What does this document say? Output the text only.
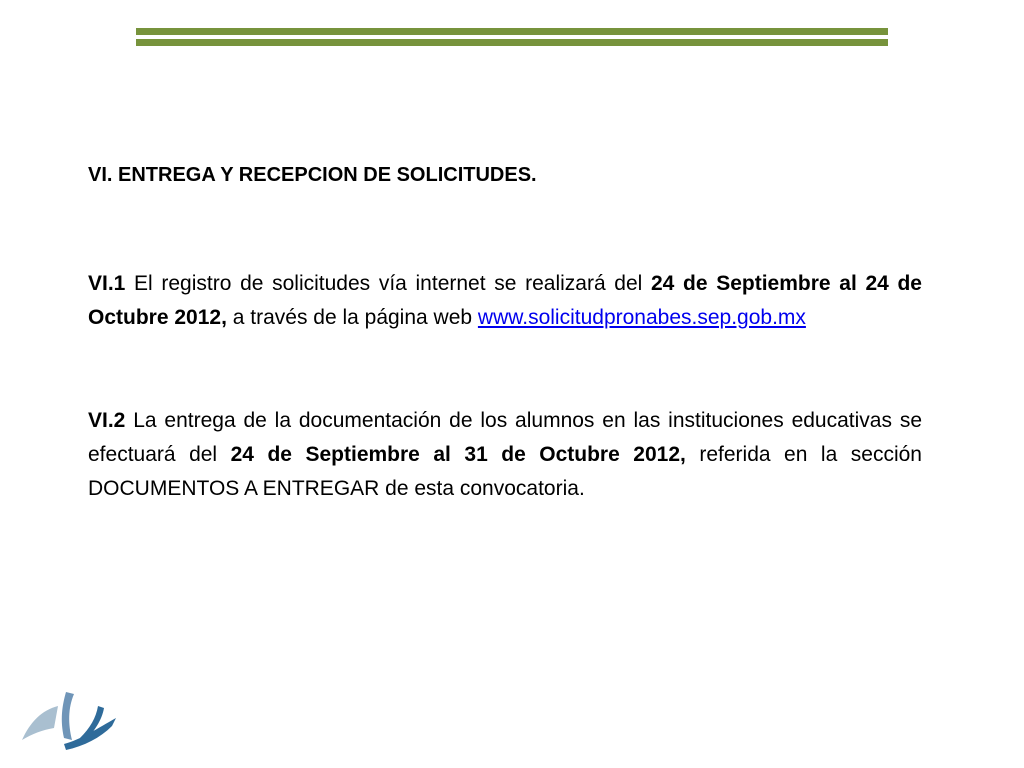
VI. ENTREGA Y RECEPCION DE SOLICITUDES.

VI.1 El registro de solicitudes vía internet se realizará del 24 de Septiembre al 24 de Octubre 2012, a través de la página web www.solicitudpronabes.sep.gob.mx

VI.2 La entrega de la documentación de los alumnos en las instituciones educativas se efectuará del 24 de Septiembre al 31 de Octubre 2012, referida en la sección DOCUMENTOS A ENTREGAR de esta convocatoria.
